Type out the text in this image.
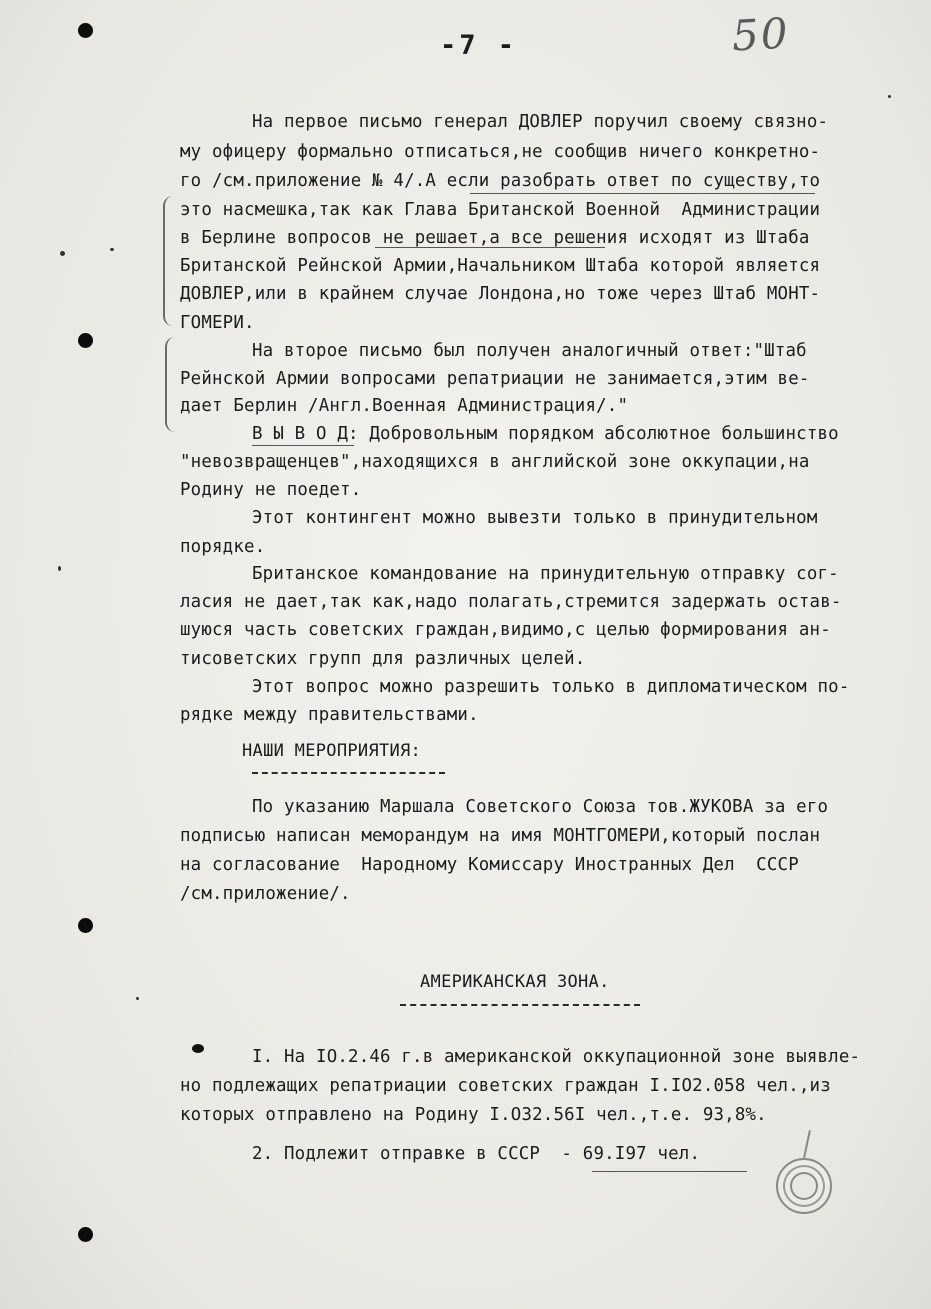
-7 -	50
На первое письмо генерал ДОВЛЕР поручил своему связно-
му офицеру формально отписаться,не сообщив ничего конкретно-
го /см.приложение № 4/.А если разобрать ответ по существу,то
это насмешка,так как Глава Британской Военной  Администрации
в Берлине вопросов не решает,а все решения исходят из Штаба
Британской Рейнской Армии,Начальником Штаба которой является
ДОВЛЕР,или в крайнем случае Лондона,но тоже через Штаб МОНТ-
ГОМЕРИ.
На второе письмо был получен аналогичный ответ:"Штаб
Рейнской Армии вопросами репатриации не занимается,этим ве-
дает Берлин /Англ.Военная Администрация/."
В Ы В О Д: Добровольным порядком абсолютное большинство
"невозвращенцев",находящихся в английской зоне оккупации,на
Родину не поедет.
Этот контингент можно вывезти только в принудительном
порядке.
Британское командование на принудительную отправку сог-
ласия не дает,так как,надо полагать,стремится задержать остав-
шуюся часть советских граждан,видимо,с целью формирования ан-
тисоветских групп для различных целей.
Этот вопрос можно разрешить только в дипломатическом по-
рядке между правительствами.
НАШИ МЕРОПРИЯТИЯ:
По указанию Маршала Советского Союза тов.ЖУКОВА за его
подписью написан меморандум на имя МОНТГОМЕРИ,который послан
на согласование  Народному Комиссару Иностранных Дел  СССР
/см.приложение/.
АМЕРИКАНСКАЯ ЗОНА.
I. На IO.2.46 г.в американской оккупационной зоне выявле-
но подлежащих репатриации советских граждан I.IO2.058 чел.,из
которых отправлено на Родину I.O32.56I чел.,т.е. 93,8%.
2. Подлежит отправке в СССР  - 69.I97 чел.
